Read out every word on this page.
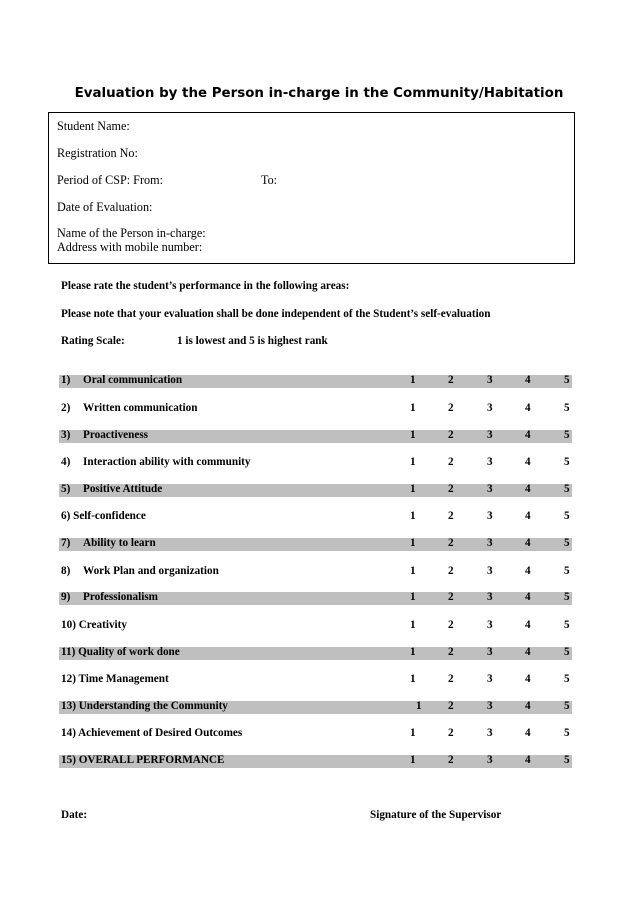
Evaluation by the Person in-charge in the Community/Habitation
Student Name:
Registration No:
Period of CSP: From:	To:
Date of Evaluation:
Name of the Person in-charge:
Address with mobile number:
Please rate the student’s performance in the following areas:
Please note that your evaluation shall be done independent of the Student’s self-evaluation
Rating Scale:	1 is lowest and 5 is highest rank
1) Oral communication	1	2	3	4	5
2) Written communication	1	2	3	4	5
3) Proactiveness	1	2	3	4	5
4) Interaction ability with community	1	2	3	4	5
5) Positive Attitude	1	2	3	4	5
6) Self-confidence	1	2	3	4	5
7) Ability to learn	1	2	3	4	5
8) Work Plan and organization	1	2	3	4	5
9) Professionalism	1	2	3	4	5
10) Creativity	1	2	3	4	5
11) Quality of work done	1	2	3	4	5
12) Time Management	1	2	3	4	5
13) Understanding the Community	1 2	3	4	5
14) Achievement of Desired Outcomes	1	2	3	4	5
15) OVERALL PERFORMANCE	1	2	3	4	5
Date:	Signature of the Supervisor
